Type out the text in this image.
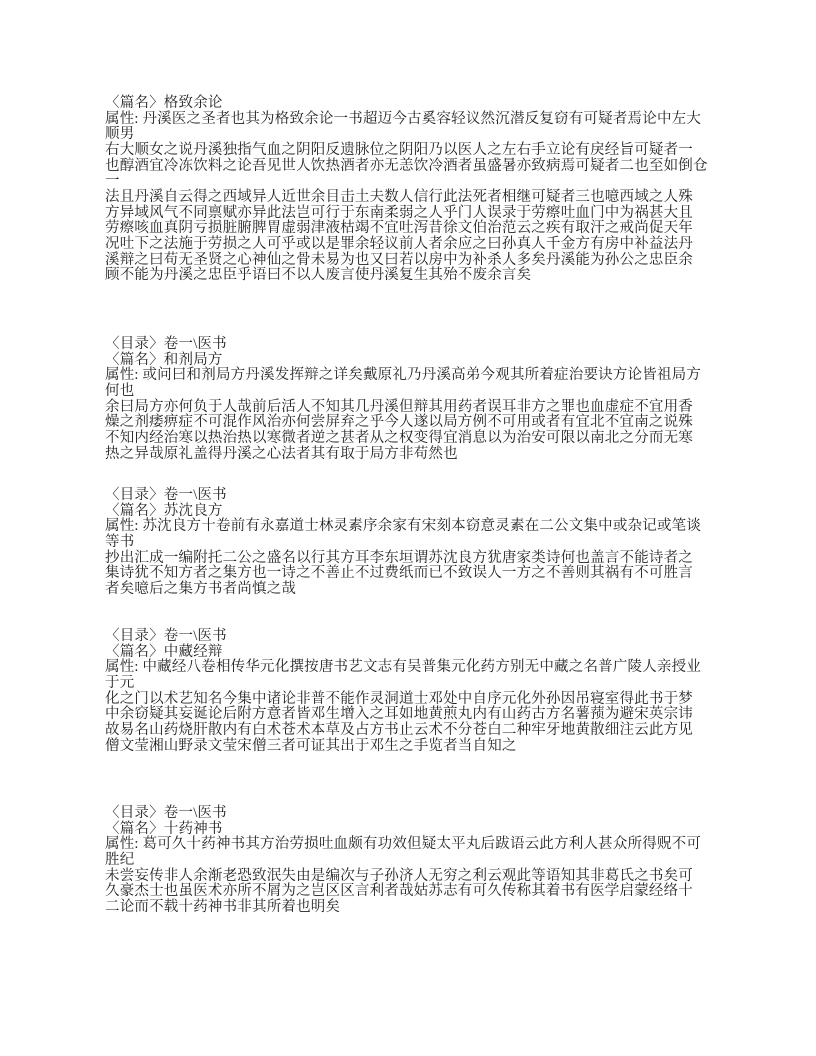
〈篇名〉格致余论
属性: 丹溪医之圣者也其为格致余论一书超迈今古奚容轻议然沉潜反复窃有可疑者焉论中左大
顺男
右大顺女之说丹溪独指气血之阴阳反遗脉位之阴阳乃以医人之左右手立论有戾经旨可疑者一
也醇酒宜冷冻饮料之论吾见世人饮热酒者亦无恙饮冷酒者虽盛暑亦致病焉可疑者二也至如倒仓
一
法且丹溪自云得之西域异人近世余目击土夫数人信行此法死者相继可疑者三也噫西域之人殊
方异域风气不同禀赋亦异此法岂可行于东南柔弱之人乎门人误录于劳瘵吐血门中为祸甚大且
劳瘵咳血真阴亏损脏腑脾胃虚弱津液枯竭不宜吐泻昔徐文伯治范云之疾有取汗之戒尚促天年
况吐下之法施于劳损之人可乎或以是罪余轻议前人者余应之曰孙真人千金方有房中补益法丹
溪辩之曰苟无圣贤之心神仙之骨未易为也又曰若以房中为补杀人多矣丹溪能为孙公之忠臣余
顾不能为丹溪之忠臣乎语曰不以人废言使丹溪复生其殆不废余言矣
〈目录〉卷一\医书
〈篇名〉和剂局方
属性: 或问曰和剂局方丹溪发挥辩之详矣戴原礼乃丹溪高弟今观其所着症治要诀方论皆祖局方
何也
余曰局方亦何负于人哉前后活人不知其几丹溪但辩其用药者误耳非方之罪也血虚症不宜用香
燥之剂痿痹症不可混作风治亦何尝屏弃之乎今人遂以局方例不可用或者有宜北不宜南之说殊
不知内经治寒以热治热以寒微者逆之甚者从之权变得宜消息以为治安可限以南北之分而无寒
热之异哉原礼盖得丹溪之心法者其有取于局方非苟然也
〈目录〉卷一\医书
〈篇名〉苏沈良方
属性: 苏沈良方十卷前有永嘉道士林灵素序余家有宋刻本窃意灵素在二公文集中或杂记或笔谈
等书
抄出汇成一编附托二公之盛名以行其方耳李东垣谓苏沈良方犹唐家类诗何也盖言不能诗者之
集诗犹不知方者之集方也一诗之不善止不过费纸而已不致误人一方之不善则其祸有不可胜言
者矣噫后之集方书者尚慎之哉
〈目录〉卷一\医书
〈篇名〉中藏经辩
属性: 中藏经八卷相传华元化撰按唐书艺文志有吴普集元化药方别无中藏之名普广陵人亲授业
于元
化之门以术艺知名今集中诸论非普不能作灵洞道士邓处中自序元化外孙因吊寝室得此书于梦
中余窃疑其妄诞论后附方意者皆邓生增入之耳如地黄煎丸内有山药古方名薯蓣为避宋英宗讳
故易名山药烧肝散内有白术苍术本草及占方书止云术不分苍白二种牢牙地黄散细注云此方见
僧文莹湘山野录文莹宋僧三者可证其出于邓生之手览者当自知之
〈目录〉卷一\医书
〈篇名〉十药神书
属性: 葛可久十药神书其方治劳损吐血颇有功效但疑太平丸后跋语云此方利人甚众所得贶不可
胜纪
未尝妄传非人余渐老恐致泯失由是编次与子孙济人无穷之利云观此等语知其非葛氏之书矣可
久豪杰士也虽医术亦所不屑为之岂区区言利者哉姑苏志有可久传称其着书有医学启蒙经络十
二论而不载十药神书非其所着也明矣
